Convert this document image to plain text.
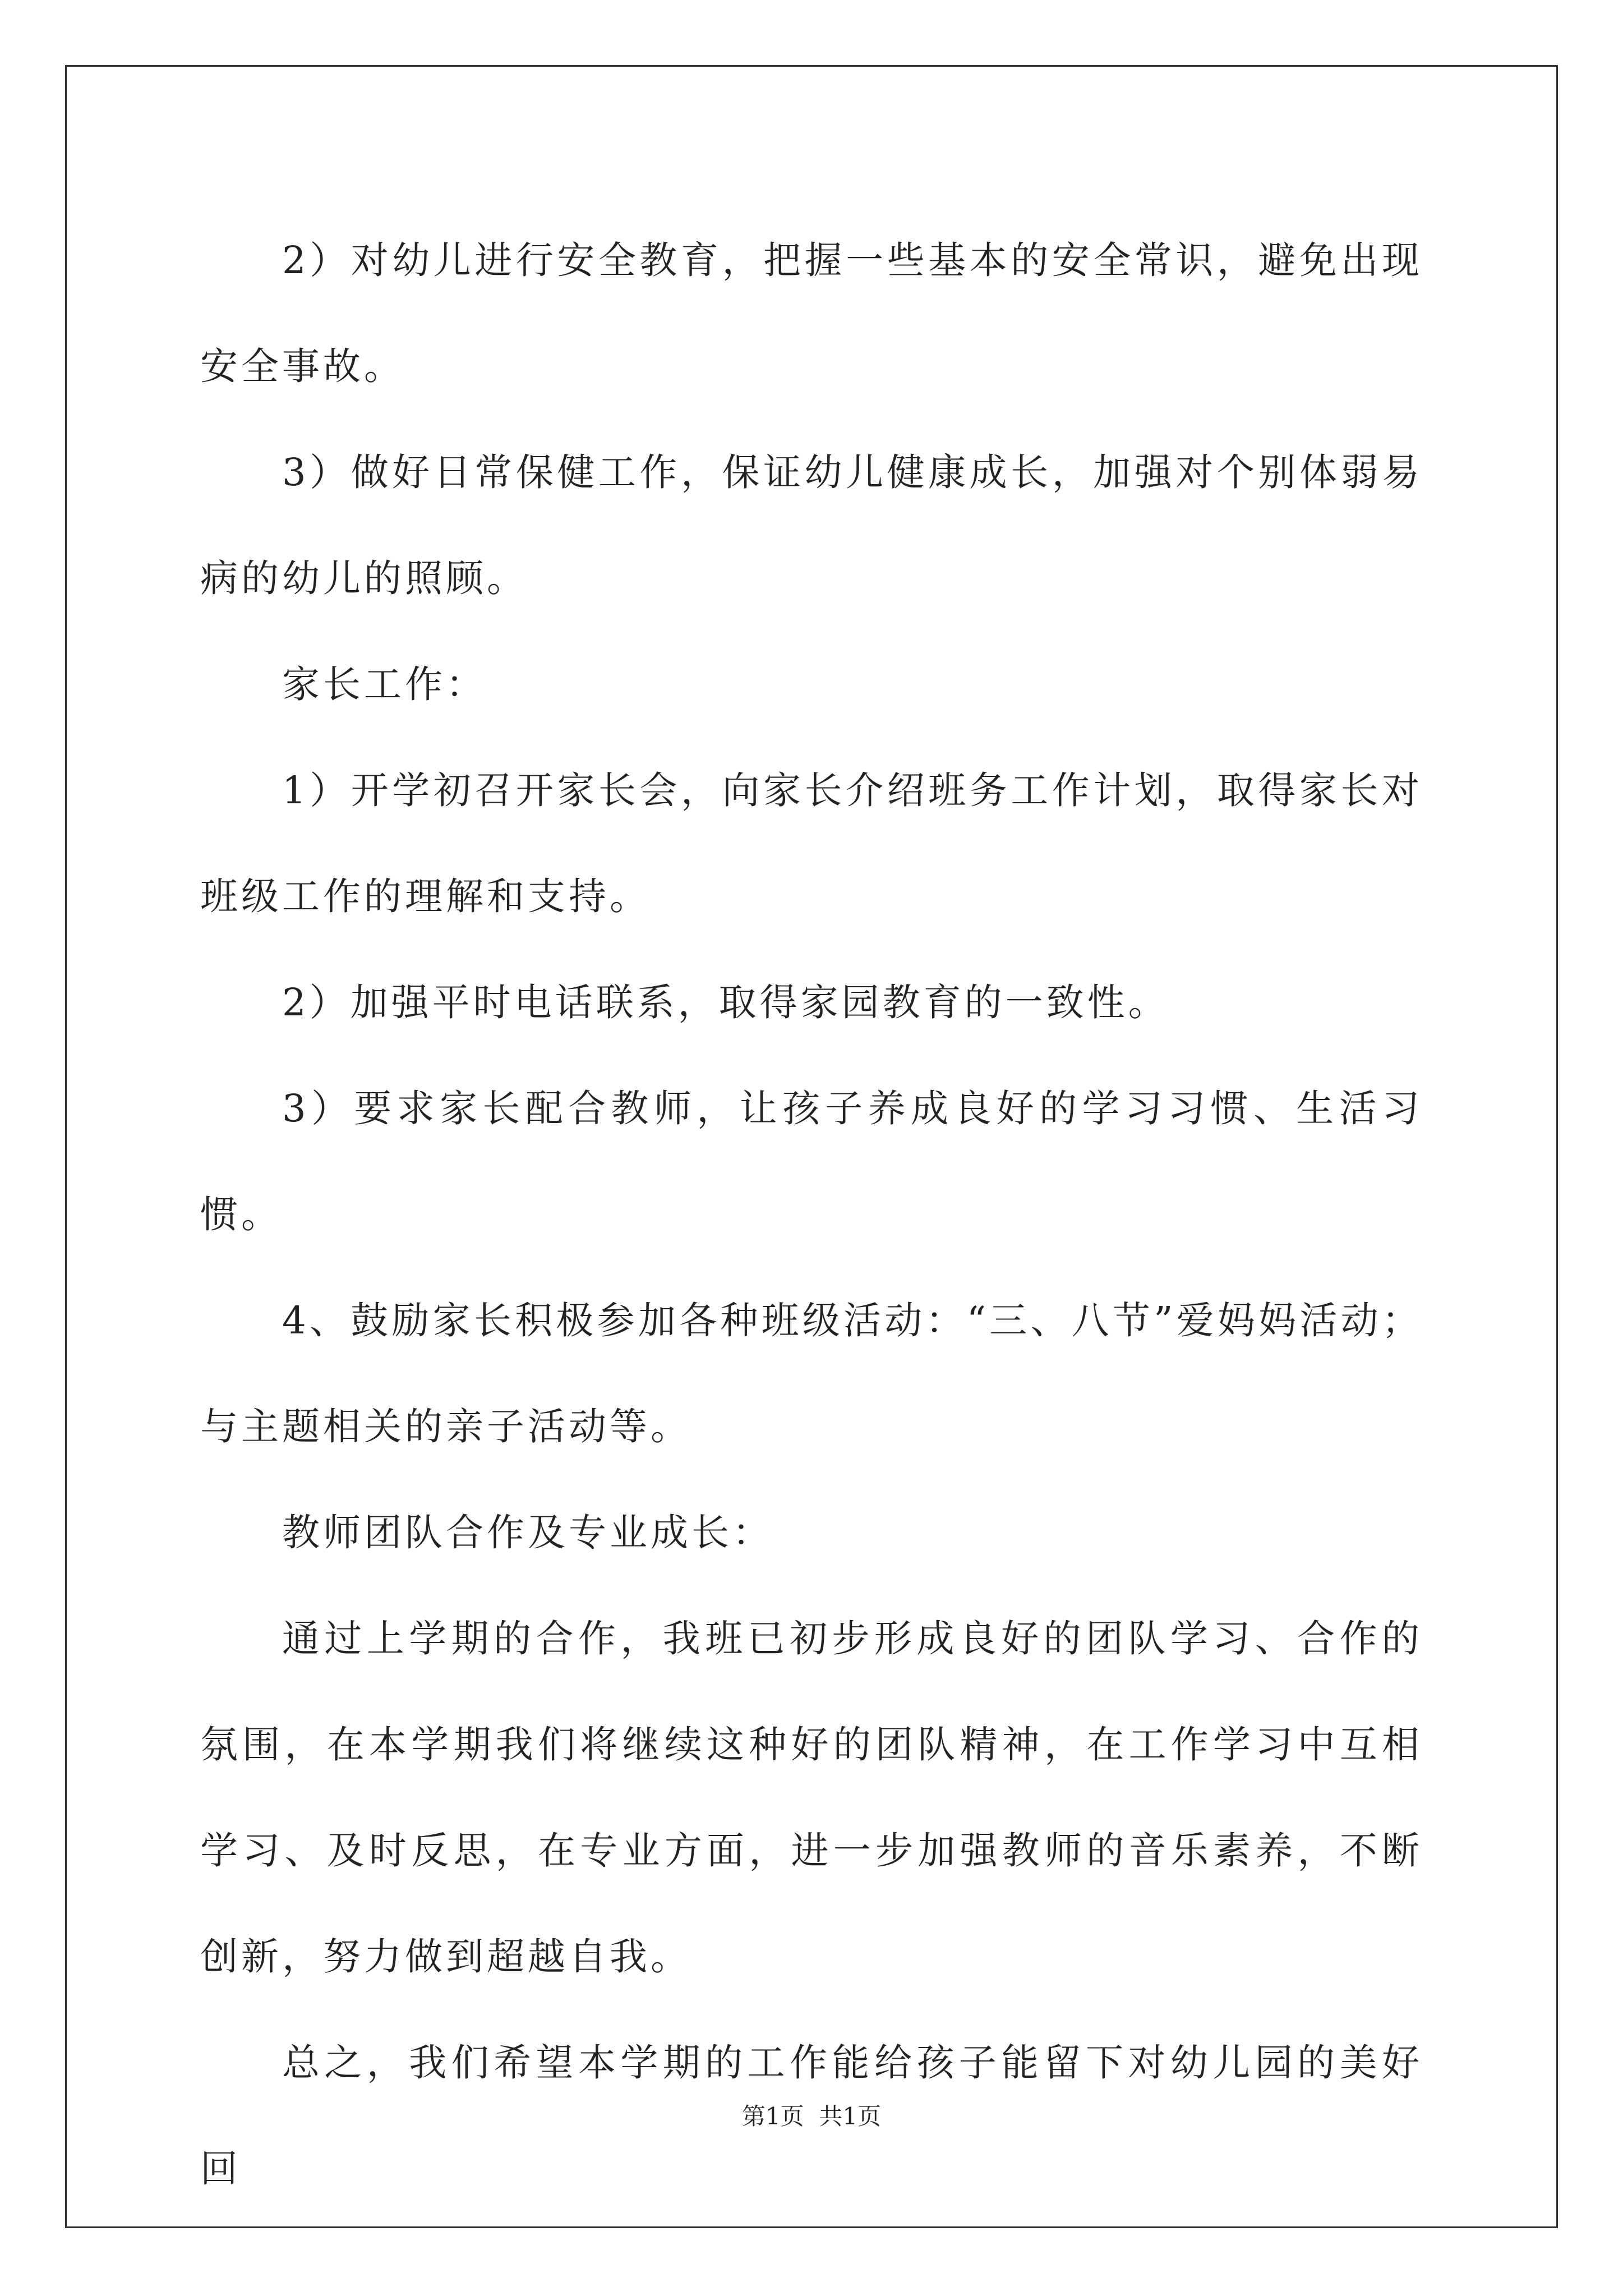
2）对幼儿进行安全教育，把握一些基本的安全常识，避免出现安全事故。

3）做好日常保健工作，保证幼儿健康成长，加强对个别体弱易病的幼儿的照顾。

家长工作：

1）开学初召开家长会，向家长介绍班务工作计划，取得家长对班级工作的理解和支持。

2）加强平时电话联系，取得家园教育的一致性。

3）要求家长配合教师，让孩子养成良好的学习习惯、生活习惯。

4、鼓励家长积极参加各种班级活动：“三、八节”爱妈妈活动；与主题相关的亲子活动等。

教师团队合作及专业成长：

通过上学期的合作，我班已初步形成良好的团队学习、合作的氛围，在本学期我们将继续这种好的团队精神，在工作学习中互相学习、及时反思，在专业方面，进一步加强教师的音乐素养，不断创新，努力做到超越自我。

总之，我们希望本学期的工作能给孩子能留下对幼儿园的美好回

第1页  共1页
